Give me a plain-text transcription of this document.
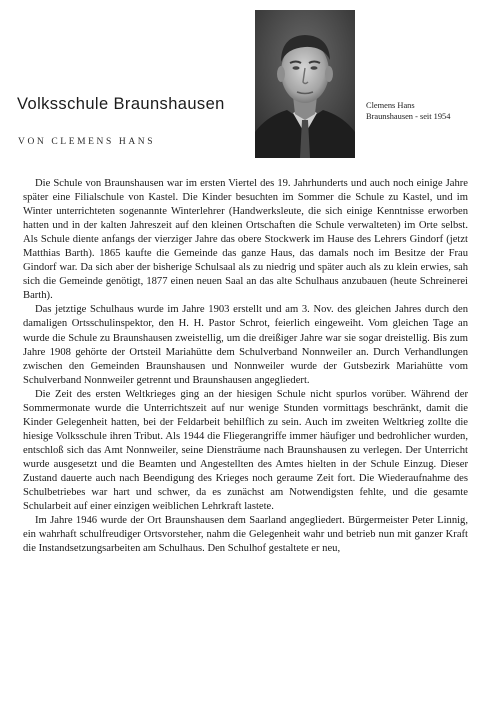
Volksschule Braunshausen
VON CLEMENS HANS
Clemens Hans
Braunshausen - seit 1954

Die Schule von Braunshausen war im ersten Viertel des 19. Jahrhunderts und auch noch einige Jahre später eine Filialschule von Kastel. Die Kinder besuchten im Sommer die Schule zu Kastel, und im Winter unterrichteten sogenannte Winterlehrer (Handwerksleute, die sich einige Kenntnisse erworben hatten und in der kalten Jahreszeit auf den kleinen Ortschaften die Schule verwalteten) im Orte selbst. Als Schule diente anfangs der vierziger Jahre das obere Stockwerk im Hause des Lehrers Gindorf (jetzt Matthias Barth). 1865 kaufte die Gemeinde das ganze Haus, das damals noch im Besitze der Frau Gindorf war. Da sich aber der bisherige Schulsaal als zu niedrig und später auch als zu klein erwies, sah sich die Gemeinde genötigt, 1877 einen neuen Saal an das alte Schulhaus anzubauen (heute Schreinerei Barth).

Das jetztige Schulhaus wurde im Jahre 1903 erstellt und am 3. Nov. des gleichen Jahres durch den damaligen Ortsschulinspektor, den H. H. Pastor Schrot, feierlich eingeweiht. Vom gleichen Tage an wurde die Schule zu Braunshausen zweistellig, um die dreißiger Jahre war sie sogar dreistellig. Bis zum Jahre 1908 gehörte der Ortsteil Mariahütte dem Schulverband Nonnweiler an. Durch Verhandlungen zwischen den Gemeinden Braunshausen und Nonnweiler wurde der Gutsbezirk Mariahütte vom Schulverband Nonnweiler getrennt und Braunshausen angegliedert.

Die Zeit des ersten Weltkrieges ging an der hiesigen Schule nicht spurlos vorüber. Während der Sommermonate wurde die Unterrichtszeit auf nur wenige Stunden vormittags beschränkt, damit die Kinder Gelegenheit hatten, bei der Feldarbeit behilflich zu sein. Auch im zweiten Weltkrieg zollte die hiesige Volksschule ihren Tribut. Als 1944 die Fliegerangriffe immer häufiger und bedrohlicher wurden, entschloß sich das Amt Nonnweiler, seine Diensträume nach Braunshausen zu verlegen. Der Unterricht wurde ausgesetzt und die Beamten und Angestellten des Amtes hielten in der Schule Einzug. Dieser Zustand dauerte auch nach Beendigung des Krieges noch geraume Zeit fort. Die Wiederaufnahme des Schulbetriebes war hart und schwer, da es zunächst am Notwendigsten fehlte, und die gesamte Schularbeit auf einer einzigen weiblichen Lehrkraft lastete.

Im Jahre 1946 wurde der Ort Braunshausen dem Saarland angegliedert. Bürgermeister Peter Linnig, ein wahrhaft schulfreudiger Ortsvorsteher, nahm die Gelegenheit wahr und betrieb nun mit ganzer Kraft die Instandsetzungsarbeiten am Schulhaus. Den Schulhof gestaltete er neu,
